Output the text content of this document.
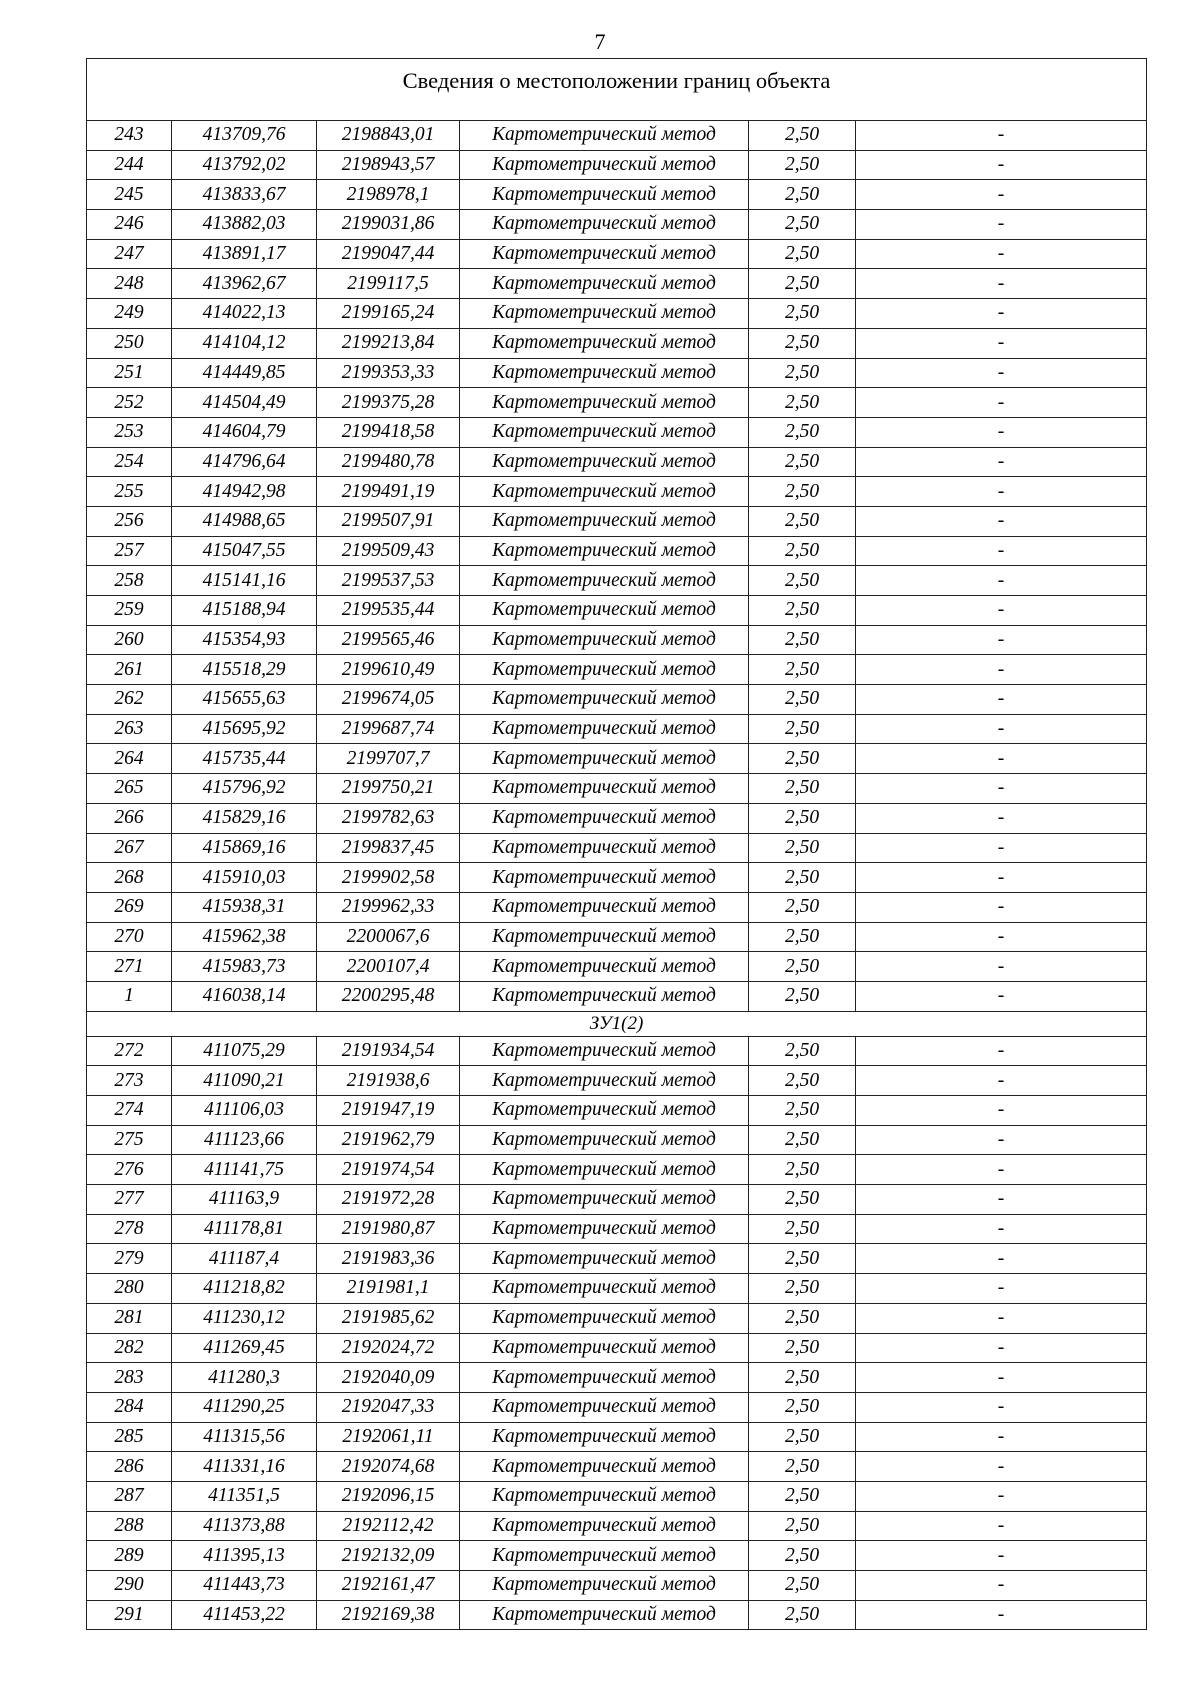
7
Сведения о местоположении границ объекта					
243	413709,76	2198843,01	Картометрический метод	2,50	-
244	413792,02	2198943,57	Картометрический метод	2,50	-
245	413833,67	2198978,1	Картометрический метод	2,50	-
246	413882,03	2199031,86	Картометрический метод	2,50	-
247	413891,17	2199047,44	Картометрический метод	2,50	-
248	413962,67	2199117,5	Картометрический метод	2,50	-
249	414022,13	2199165,24	Картометрический метод	2,50	-
250	414104,12	2199213,84	Картометрический метод	2,50	-
251	414449,85	2199353,33	Картометрический метод	2,50	-
252	414504,49	2199375,28	Картометрический метод	2,50	-
253	414604,79	2199418,58	Картометрический метод	2,50	-
254	414796,64	2199480,78	Картометрический метод	2,50	-
255	414942,98	2199491,19	Картометрический метод	2,50	-
256	414988,65	2199507,91	Картометрический метод	2,50	-
257	415047,55	2199509,43	Картометрический метод	2,50	-
258	415141,16	2199537,53	Картометрический метод	2,50	-
259	415188,94	2199535,44	Картометрический метод	2,50	-
260	415354,93	2199565,46	Картометрический метод	2,50	-
261	415518,29	2199610,49	Картометрический метод	2,50	-
262	415655,63	2199674,05	Картометрический метод	2,50	-
263	415695,92	2199687,74	Картометрический метод	2,50	-
264	415735,44	2199707,7	Картометрический метод	2,50	-
265	415796,92	2199750,21	Картометрический метод	2,50	-
266	415829,16	2199782,63	Картометрический метод	2,50	-
267	415869,16	2199837,45	Картометрический метод	2,50	-
268	415910,03	2199902,58	Картометрический метод	2,50	-
269	415938,31	2199962,33	Картометрический метод	2,50	-
270	415962,38	2200067,6	Картометрический метод	2,50	-
271	415983,73	2200107,4	Картометрический метод	2,50	-
1	416038,14	2200295,48	Картометрический метод	2,50	-
ЗУ1(2)					
272	411075,29	2191934,54	Картометрический метод	2,50	-
273	411090,21	2191938,6	Картометрический метод	2,50	-
274	411106,03	2191947,19	Картометрический метод	2,50	-
275	411123,66	2191962,79	Картометрический метод	2,50	-
276	411141,75	2191974,54	Картометрический метод	2,50	-
277	411163,9	2191972,28	Картометрический метод	2,50	-
278	411178,81	2191980,87	Картометрический метод	2,50	-
279	411187,4	2191983,36	Картометрический метод	2,50	-
280	411218,82	2191981,1	Картометрический метод	2,50	-
281	411230,12	2191985,62	Картометрический метод	2,50	-
282	411269,45	2192024,72	Картометрический метод	2,50	-
283	411280,3	2192040,09	Картометрический метод	2,50	-
284	411290,25	2192047,33	Картометрический метод	2,50	-
285	411315,56	2192061,11	Картометрический метод	2,50	-
286	411331,16	2192074,68	Картометрический метод	2,50	-
287	411351,5	2192096,15	Картометрический метод	2,50	-
288	411373,88	2192112,42	Картометрический метод	2,50	-
289	411395,13	2192132,09	Картометрический метод	2,50	-
290	411443,73	2192161,47	Картометрический метод	2,50	-
291	411453,22	2192169,38	Картометрический метод	2,50	-
